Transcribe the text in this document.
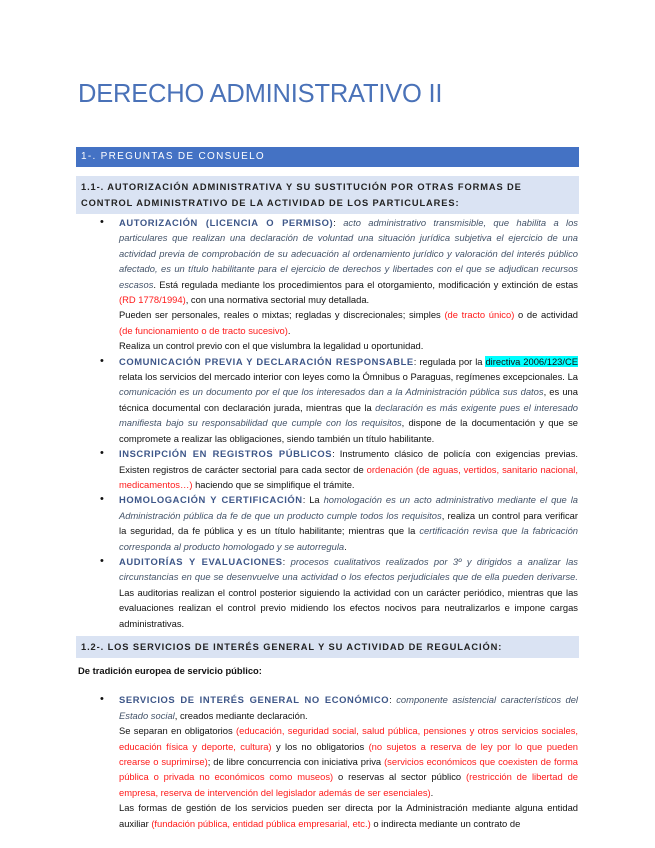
DERECHO ADMINISTRATIVO II
1-. PREGUNTAS DE CONSUELO
1.1-. AUTORIZACIÓN ADMINISTRATIVA Y SU SUSTITUCIÓN POR OTRAS FORMAS DE CONTROL ADMINISTRATIVO DE LA ACTIVIDAD DE LOS PARTICULARES:

• AUTORIZACIÓN (LICENCIA O PERMISO): acto administrativo transmisible, que habilita a los particulares que realizan una declaración de voluntad una situación jurídica subjetiva el ejercicio de una actividad previa de comprobación de su adecuación al ordenamiento jurídico y valoración del interés público afectado, es un título habilitante para el ejercicio de derechos y libertades con el que se adjudican recursos escasos. Está regulada mediante los procedimientos para el otorgamiento, modificación y extinción de estas (RD 1778/1994), con una normativa sectorial muy detallada.

Pueden ser personales, reales o mixtas; regladas y discrecionales; simples (de tracto único) o de actividad (de funcionamiento o de tracto sucesivo).

Realiza un control previo con el que vislumbra la legalidad u oportunidad.

• COMUNICACIÓN PREVIA Y DECLARACIÓN RESPONSABLE: regulada por la directiva 2006/123/CE relata los servicios del mercado interior con leyes como la Ómnibus o Paraguas, regímenes excepcionales. La comunicación es un documento por el que los interesados dan a la Administración pública sus datos, es una técnica documental con declaración jurada, mientras que la declaración es más exigente pues el interesado manifiesta bajo su responsabilidad que cumple con los requisitos, dispone de la documentación y que se compromete a realizar las obligaciones, siendo también un título habilitante.

• INSCRIPCIÓN EN REGISTROS PÚBLICOS: Instrumento clásico de policía con exigencias previas. Existen registros de carácter sectorial para cada sector de ordenación (de aguas, vertidos, sanitario nacional, medicamentos…) haciendo que se simplifique el trámite.

• HOMOLOGACIÓN Y CERTIFICACIÓN: La homologación es un acto administrativo mediante el que la Administración pública da fe de que un producto cumple todos los requisitos, realiza un control para verificar la seguridad, da fe pública y es un título habilitante; mientras que la certificación revisa que la fabricación corresponda al producto homologado y se autorregula.

• AUDITORÍAS Y EVALUACIONES: procesos cualitativos realizados por 3º y dirigidos a analizar las circunstancias en que se desenvuelve una actividad o los efectos perjudiciales que de ella pueden derivarse. Las auditorias realizan el control posterior siguiendo la actividad con un carácter periódico, mientras que las evaluaciones realizan el control previo midiendo los efectos nocivos para neutralizarlos e impone cargas administrativas.

1.2-. LOS SERVICIOS DE INTERÉS GENERAL Y SU ACTIVIDAD DE REGULACIÓN:

De tradición europea de servicio público:

• SERVICIOS DE INTERÉS GENERAL NO ECONÓMICO: componente asistencial característicos del Estado social, creados mediante declaración.

Se separan en obligatorios (educación, seguridad social, salud pública, pensiones y otros servicios sociales, educación física y deporte, cultura) y los no obligatorios (no sujetos a reserva de ley por lo que pueden crearse o suprimirse); de libre concurrencia con iniciativa priva (servicios económicos que coexisten de forma pública o privada no económicos como museos) o reservas al sector público (restricción de libertad de empresa, reserva de intervención del legislador además de ser esenciales).

Las formas de gestión de los servicios pueden ser directa por la Administración mediante alguna entidad auxiliar (fundación pública, entidad pública empresarial, etc.) o indirecta mediante un contrato de
